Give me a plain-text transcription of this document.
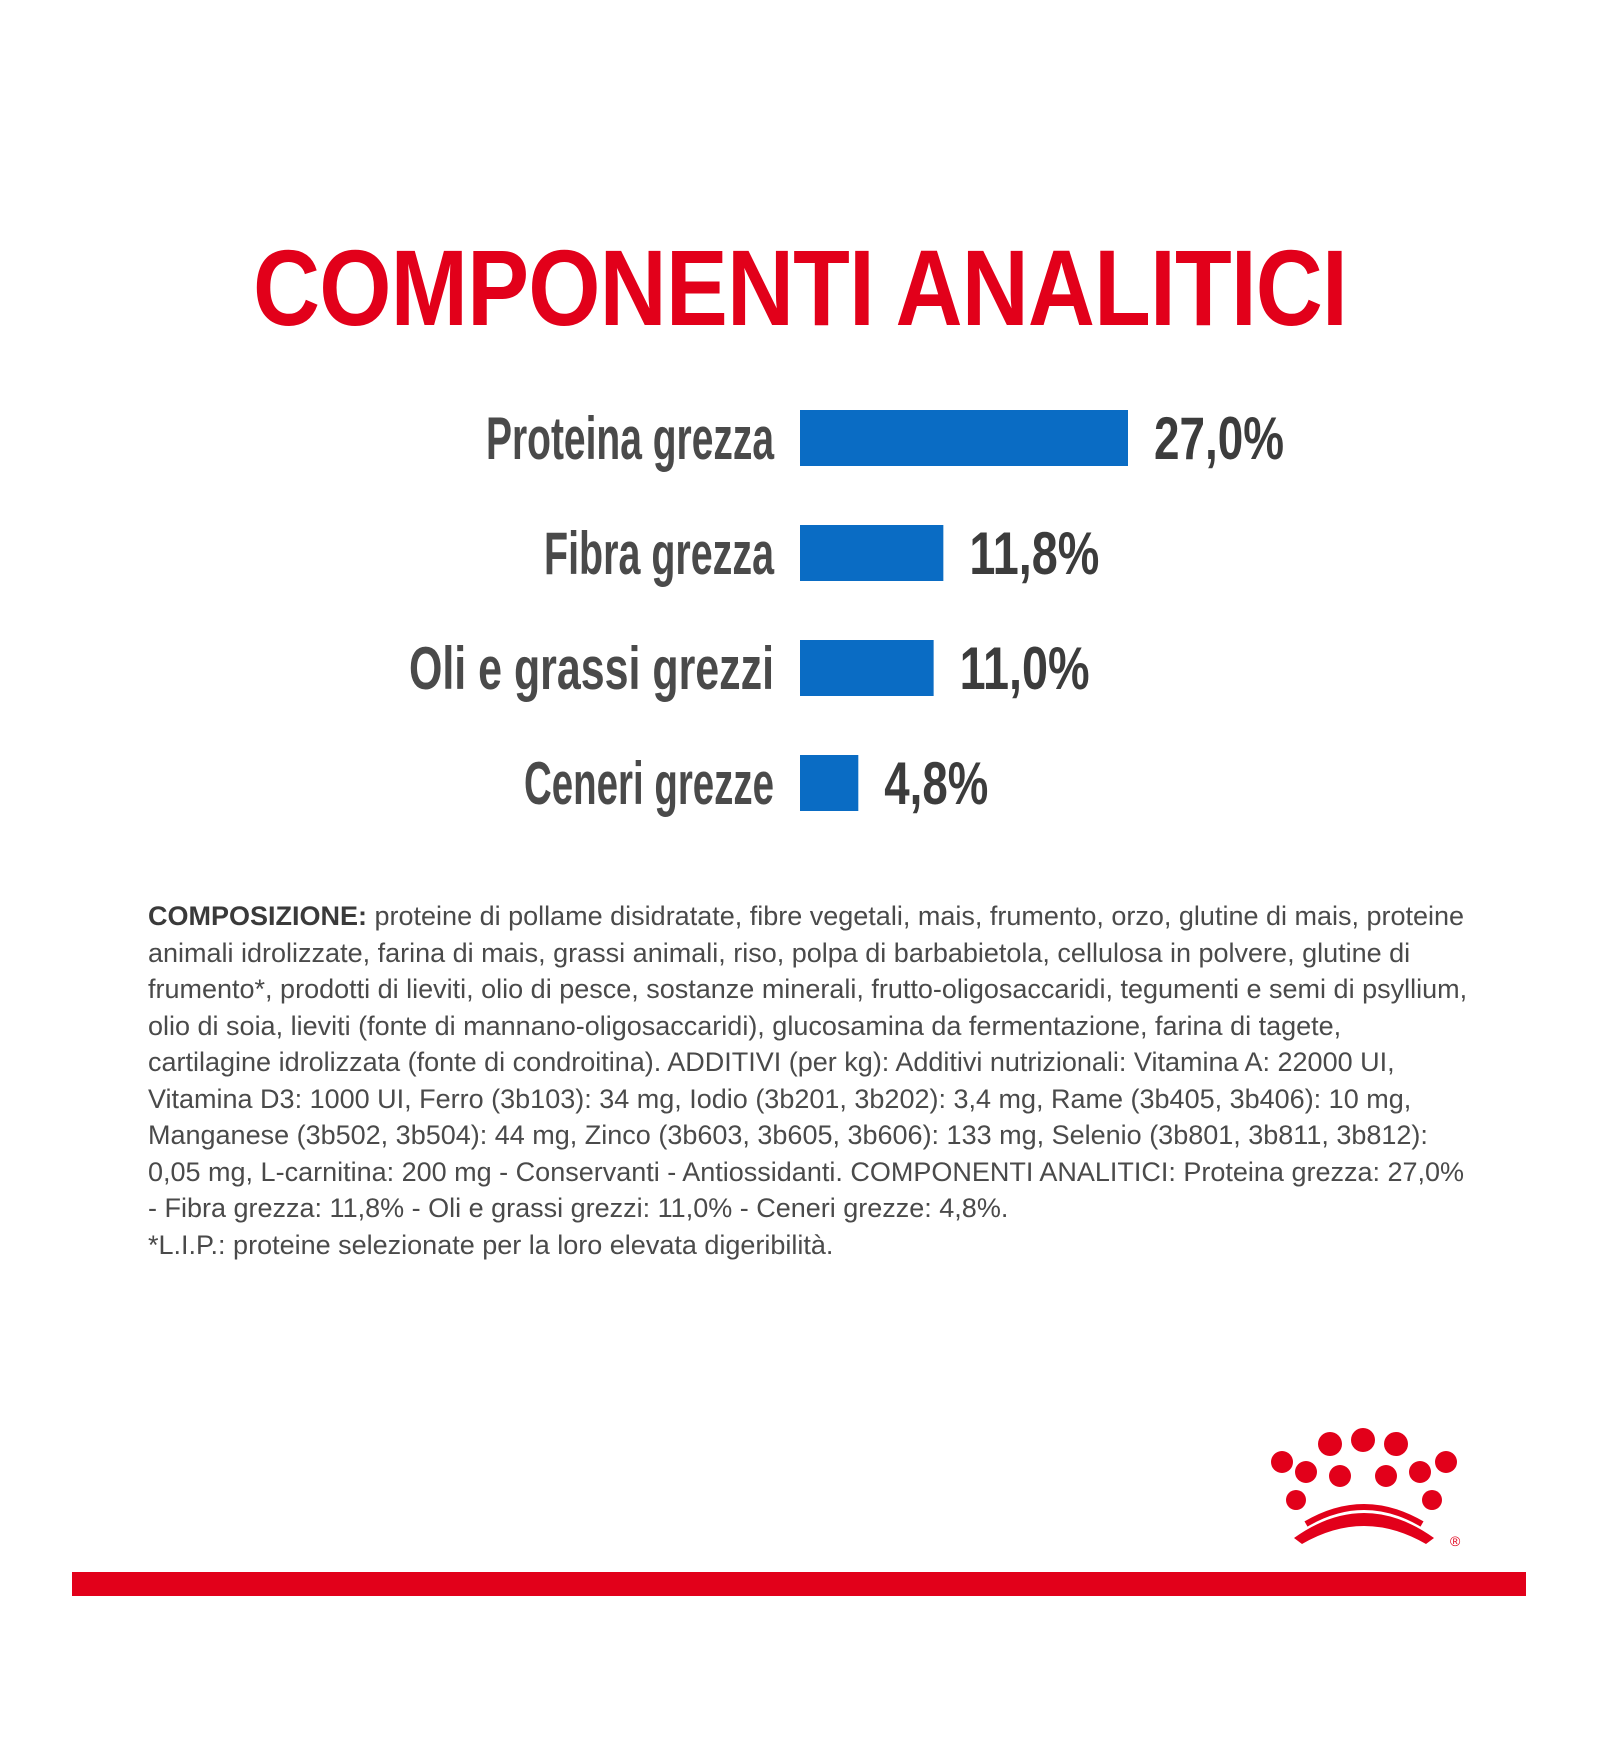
COMPONENTI ANALITICI
Proteina grezza	27,0%
Fibra grezza	11,8%
Oli e grassi grezzi	11,0%
Ceneri grezze 4,8%

COMPOSIZIONE: proteine di pollame disidratate, fibre vegetali, mais, frumento, orzo, glutine di mais, proteine animali idrolizzate, farina di mais, grassi animali, riso, polpa di barbabietola, cellulosa in polvere, glutine di frumento*, prodotti di lieviti, olio di pesce, sostanze minerali, frutto-oligosaccaridi, tegumenti e semi di psyllium, olio di soia, lieviti (fonte di mannano-oligosaccaridi), glucosamina da fermentazione, farina di tagete, cartilagine idrolizzata (fonte di condroitina). ADDITIVI (per kg): Additivi nutrizionali: Vitamina A: 22000 UI, Vitamina D3: 1000 UI, Ferro (3b103): 34 mg, Iodio (3b201, 3b202): 3,4 mg, Rame (3b405, 3b406): 10 mg, Manganese (3b502, 3b504): 44 mg, Zinco (3b603, 3b605, 3b606): 133 mg, Selenio (3b801, 3b811, 3b812): 0,05 mg, L-carnitina: 200 mg - Conservanti - Antiossidanti. COMPONENTI ANALITICI: Proteina grezza: 27,0% - Fibra grezza: 11,8% - Oli e grassi grezzi: 11,0% - Ceneri grezze: 4,8%.
*L.I.P.: proteine selezionate per la loro elevata digeribilità.

®
